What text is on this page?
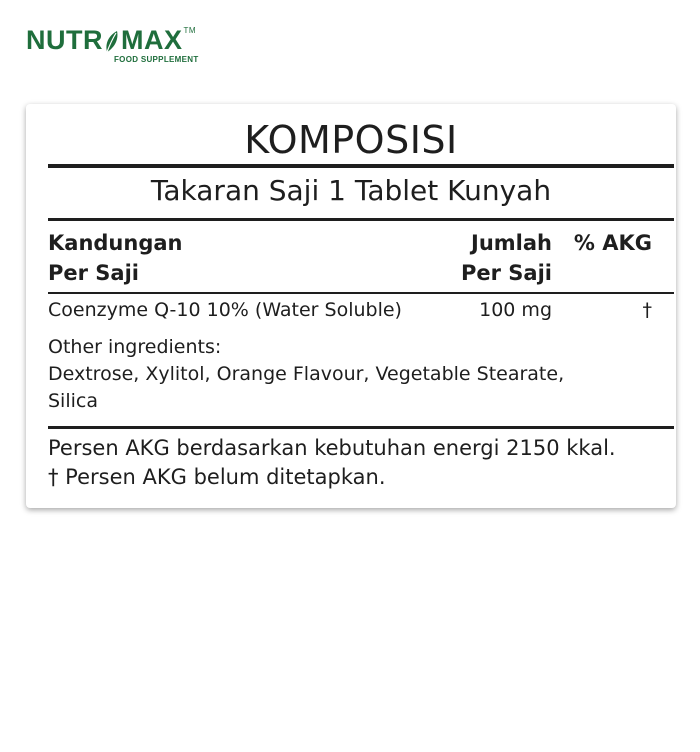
NUTR MAX TM
FOOD SUPPLEMENT
KOMPOSISI
Takaran Saji 1 Tablet Kunyah
Kandungan
Per Saji
Jumlah
Per Saji
% AKG
Coenzyme Q-10 10% (Water Soluble)	100 mg	†
Other ingredients:
Dextrose, Xylitol, Orange Flavour, Vegetable Stearate,
Silica
Persen AKG berdasarkan kebutuhan energi 2150 kkal.
† Persen AKG belum ditetapkan.
